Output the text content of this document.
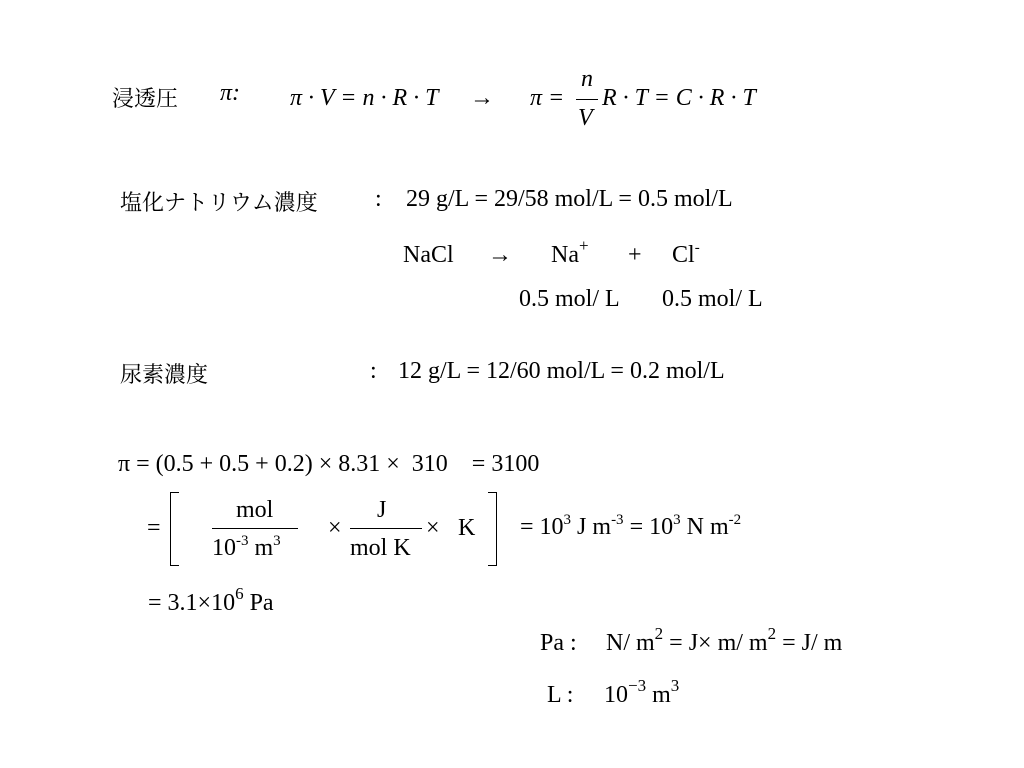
浸透圧 π: π · V = n · R · T → π =
n
V
R · T = C · R · T
塩化ナトリウム濃度 : 29 g/L = 29/58 mol/L = 0.5 mol/L
NaCl → Na+ + Cl-
0.5 mol/ L 0.5 mol/ L
尿素濃度	: 12 g/L = 12/60 mol/L = 0.2 mol/L
π = (0.5 + 0.5 + 0.2) × 8.31 ×  310    = 3100
=
mol
$10^{-3}$ $m^3$ ×
J
mol K
× $K = 10^3$ J $m^{-3} = 10^3$ N $m^{-2}$
= $3.1\times 10^6$ Pa
Pa : N/ $m^2 = J\times m/$ $m^2 = J/$ m
L : $10^{-3}$ $m^3$
